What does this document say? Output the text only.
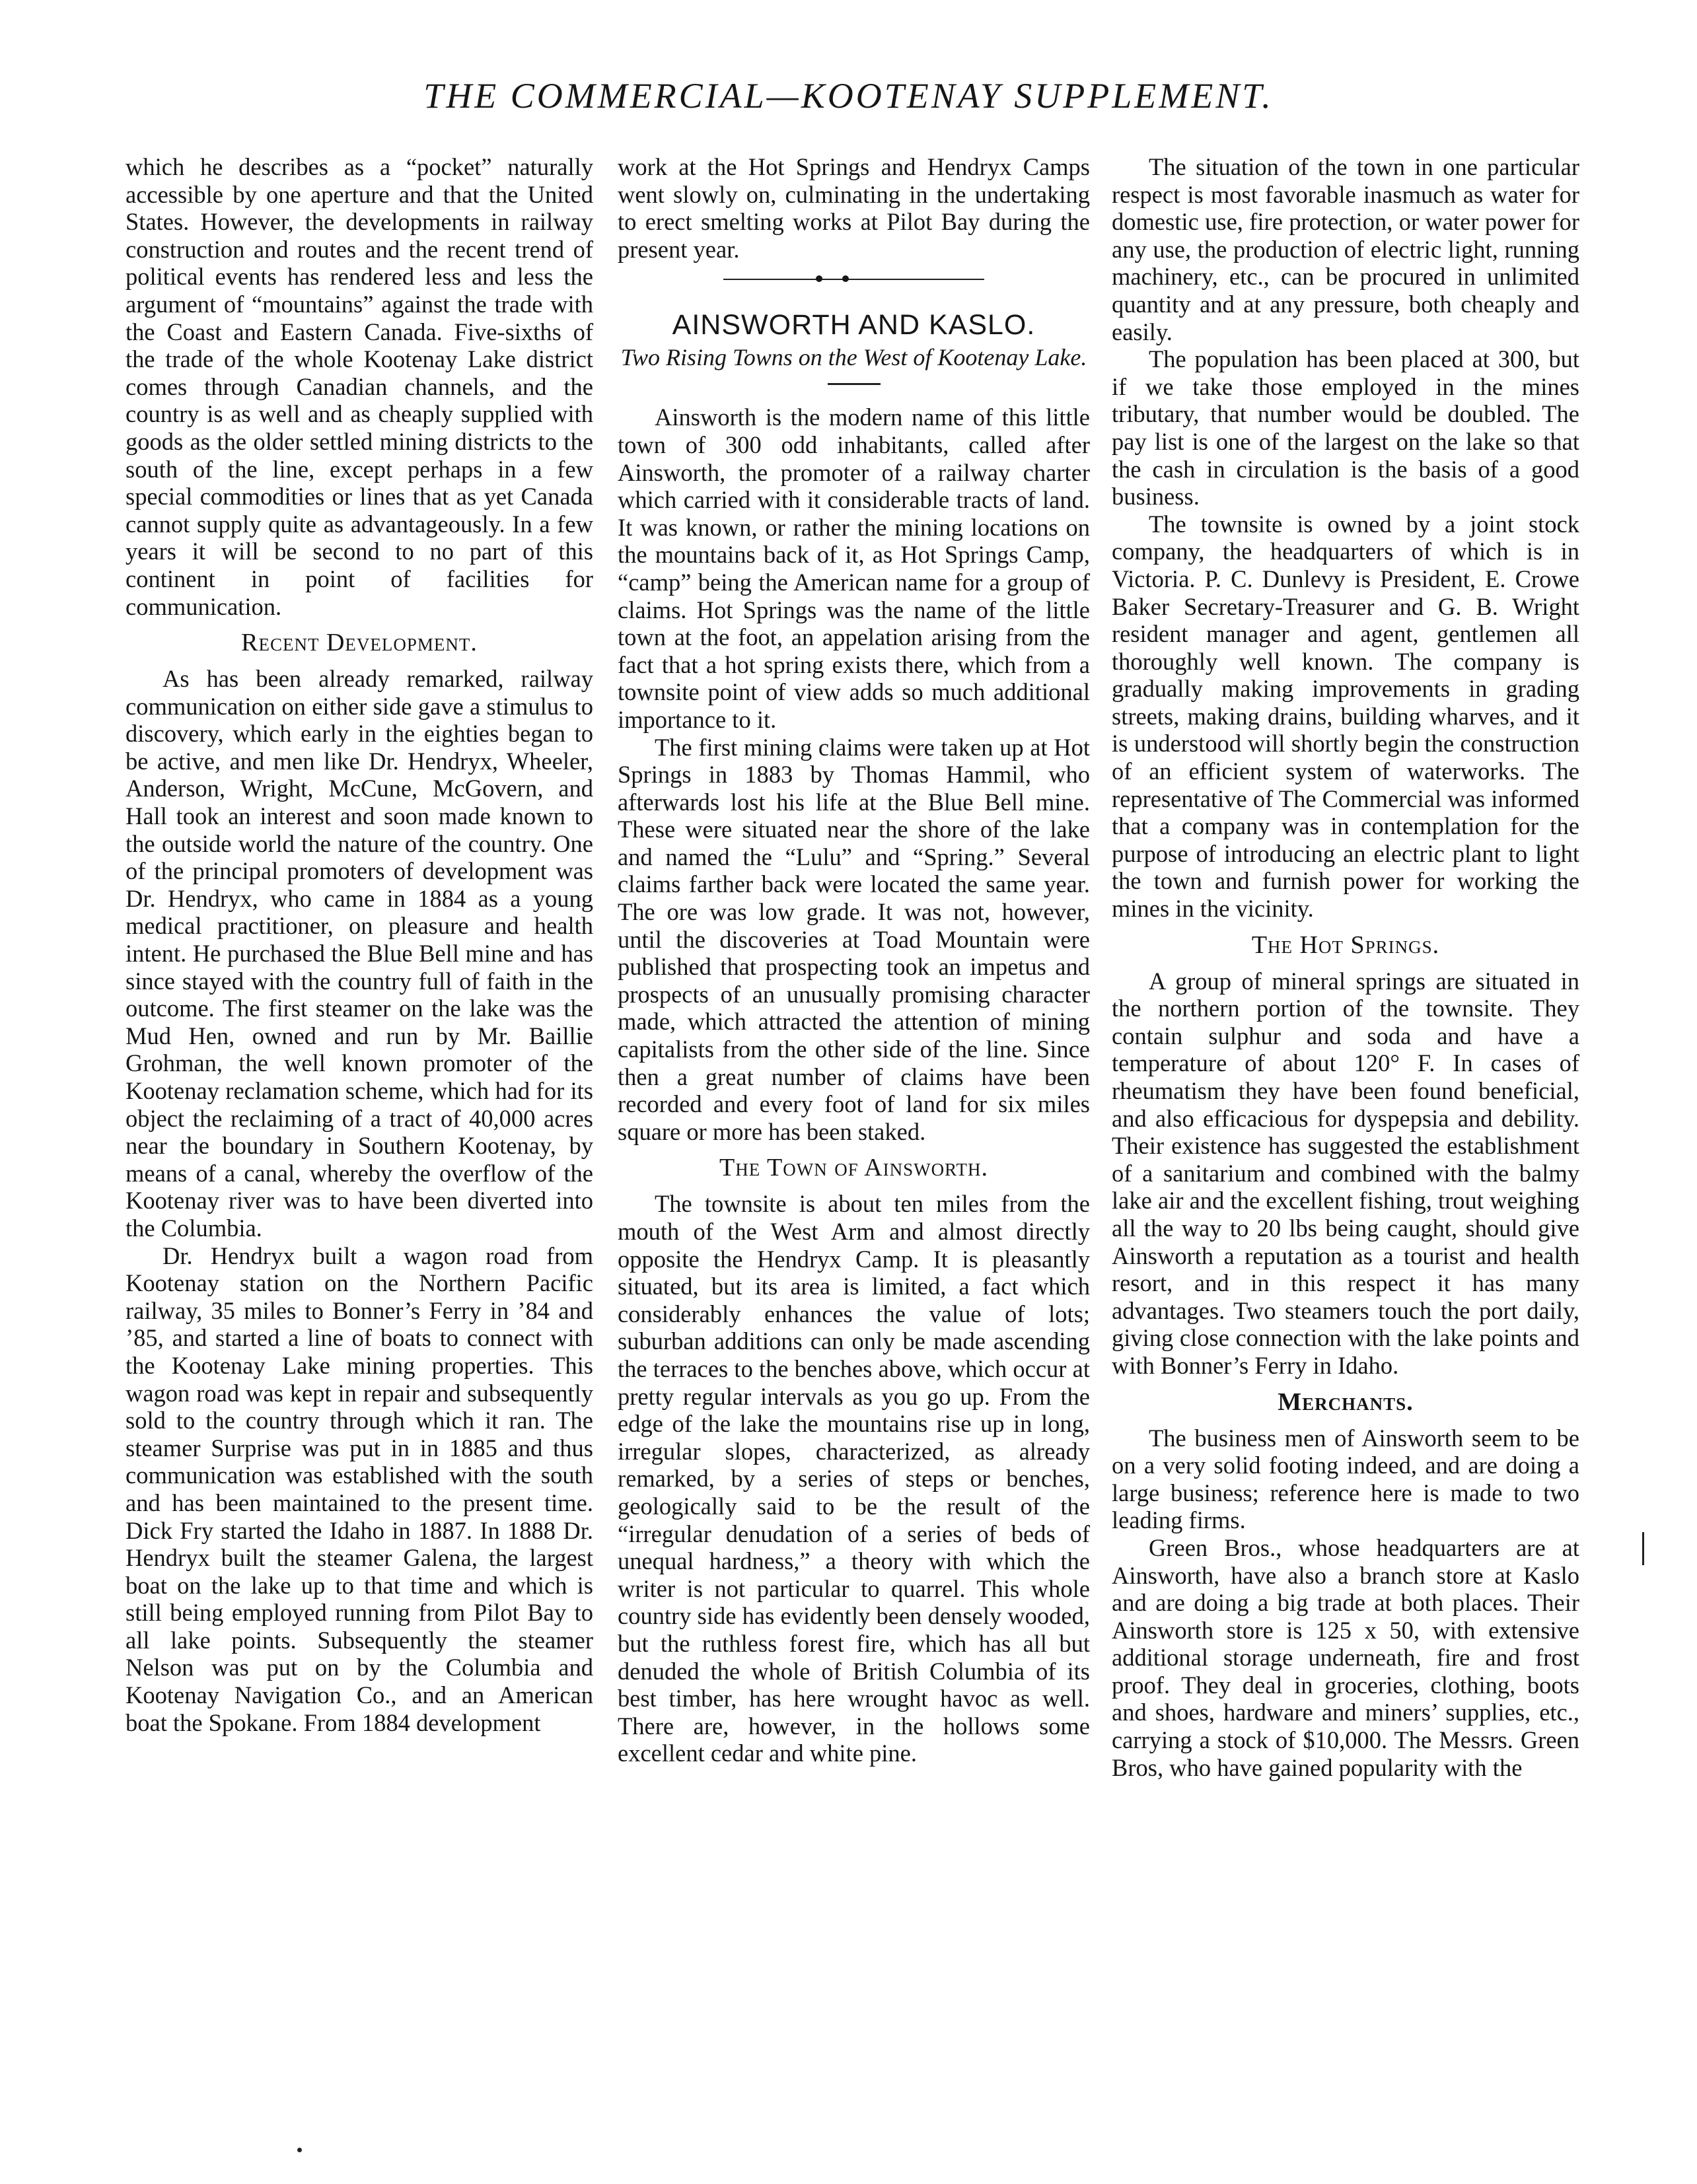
THE COMMERCIAL—KOOTENAY SUPPLEMENT.

which he describes as a “pocket” naturally accessible by one aperture and that the United States. However, the developments in railway construction and routes and the recent trend of political events has rendered less and less the argument of “mountains” against the trade with the Coast and Eastern Canada. Five-sixths of the trade of the whole Kootenay Lake district comes through Canadian channels, and the country is as well and as cheaply supplied with goods as the older settled mining districts to the south of the line, except perhaps in a few special commodities or lines that as yet Canada cannot supply quite as advantageously. In a few years it will be second to no part of this continent in point of facilities for communication.

Recent Development.

As has been already remarked, railway communication on either side gave a stimulus to discovery, which early in the eighties began to be active, and men like Dr. Hendryx, Wheeler, Anderson, Wright, McCune, McGovern, and Hall took an interest and soon made known to the outside world the nature of the country. One of the principal promoters of development was Dr. Hendryx, who came in 1884 as a young medical practitioner, on pleasure and health intent. He purchased the Blue Bell mine and has since stayed with the country full of faith in the outcome. The first steamer on the lake was the Mud Hen, owned and run by Mr. Baillie Grohman, the well known promoter of the Kootenay reclamation scheme, which had for its object the reclaiming of a tract of 40,000 acres near the boundary in Southern Kootenay, by means of a canal, whereby the overflow of the Kootenay river was to have been diverted into the Columbia.

Dr. Hendryx built a wagon road from Kootenay station on the Northern Pacific railway, 35 miles to Bonner’s Ferry in ’84 and ’85, and started a line of boats to connect with the Kootenay Lake mining properties. This wagon road was kept in repair and subsequently sold to the country through which it ran. The steamer Surprise was put in in 1885 and thus communication was established with the south and has been maintained to the present time. Dick Fry started the Idaho in 1887. In 1888 Dr. Hendryx built the steamer Galena, the largest boat on the lake up to that time and which is still being employed running from Pilot Bay to all lake points. Subsequently the steamer Nelson was put on by the Columbia and Kootenay Navigation Co., and an American boat the Spokane. From 1884 development

work at the Hot Springs and Hendryx Camps went slowly on, culminating in the undertaking to erect smelting works at Pilot Bay during the present year.

AINSWORTH AND KASLO.
Two Rising Towns on the West of Kootenay Lake.

Ainsworth is the modern name of this little town of 300 odd inhabitants, called after Ainsworth, the promoter of a railway charter which carried with it considerable tracts of land. It was known, or rather the mining locations on the mountains back of it, as Hot Springs Camp, “camp” being the American name for a group of claims. Hot Springs was the name of the little town at the foot, an appelation arising from the fact that a hot spring exists there, which from a townsite point of view adds so much additional importance to it.

The first mining claims were taken up at Hot Springs in 1883 by Thomas Hammil, who afterwards lost his life at the Blue Bell mine. These were situated near the shore of the lake and named the “Lulu” and “Spring.” Several claims farther back were located the same year. The ore was low grade. It was not, however, until the discoveries at Toad Mountain were published that prospecting took an impetus and prospects of an unusually promising character made, which attracted the attention of mining capitalists from the other side of the line. Since then a great number of claims have been recorded and every foot of land for six miles square or more has been staked.

The Town of Ainsworth.

The townsite is about ten miles from the mouth of the West Arm and almost directly opposite the Hendryx Camp. It is pleasantly situated, but its area is limited, a fact which considerably enhances the value of lots; suburban additions can only be made ascending the terraces to the benches above, which occur at pretty regular intervals as you go up. From the edge of the lake the mountains rise up in long, irregular slopes, characterized, as already remarked, by a series of steps or benches, geologically said to be the result of the “irregular denudation of a series of beds of unequal hardness,” a theory with which the writer is not particular to quarrel. This whole country side has evidently been densely wooded, but the ruthless forest fire, which has all but denuded the whole of British Columbia of its best timber, has here wrought havoc as well. There are, however, in the hollows some excellent cedar and white pine.

The situation of the town in one particular respect is most favorable inasmuch as water for domestic use, fire protection, or water power for any use, the production of electric light, running machinery, etc., can be procured in unlimited quantity and at any pressure, both cheaply and easily.

The population has been placed at 300, but if we take those employed in the mines tributary, that number would be doubled. The pay list is one of the largest on the lake so that the cash in circulation is the basis of a good business.

The townsite is owned by a joint stock company, the headquarters of which is in Victoria. P. C. Dunlevy is President, E. Crowe Baker Secretary-Treasurer and G. B. Wright resident manager and agent, gentlemen all thoroughly well known. The company is gradually making improvements in grading streets, making drains, building wharves, and it is understood will shortly begin the construction of an efficient system of waterworks. The representative of The Commercial was informed that a company was in contemplation for the purpose of introducing an electric plant to light the town and furnish power for working the mines in the vicinity.

The Hot Springs.

A group of mineral springs are situated in the northern portion of the townsite. They contain sulphur and soda and have a temperature of about 120° F. In cases of rheumatism they have been found beneficial, and also efficacious for dyspepsia and debility. Their existence has suggested the establishment of a sanitarium and combined with the balmy lake air and the excellent fishing, trout weighing all the way to 20 lbs being caught, should give Ainsworth a reputation as a tourist and health resort, and in this respect it has many advantages. Two steamers touch the port daily, giving close connection with the lake points and with Bonner’s Ferry in Idaho.

Merchants.

The business men of Ainsworth seem to be on a very solid footing indeed, and are doing a large business; reference here is made to two leading firms.

Green Bros., whose headquarters are at Ainsworth, have also a branch store at Kaslo and are doing a big trade at both places. Their Ainsworth store is 125 x 50, with extensive additional storage underneath, fire and frost proof. They deal in groceries, clothing, boots and shoes, hardware and miners’ supplies, etc., carrying a stock of $10,000. The Messrs. Green Bros, who have gained popularity with the
